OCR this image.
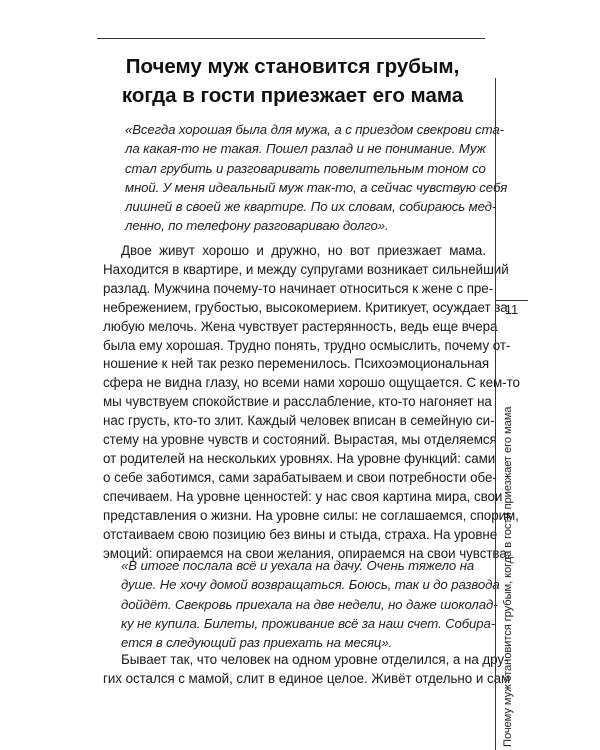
Почему муж становится грубым,
когда в гости приезжает его мама
«Всегда хорошая была для мужа, а с приездом свекрови ста-
ла какая-то не такая. Пошел разлад и не понимание. Муж
стал грубить и разговаривать повелительным тоном со
мной. У меня идеальный муж так-то, а сейчас чувствую себя
лишней в своей же квартире. По их словам, собираюсь мед-
ленно, по телефону разговариваю долго».
Двое живут хорошо и дружно, но вот приезжает мама.
Находится в квартире, и между супругами возникает сильнейший
разлад. Мужчина почему-то начинает относиться к жене с пре-
небрежением, грубостью, высокомерием. Критикует, осуждает за
любую мелочь. Жена чувствует растерянность, ведь еще вчера
была ему хорошая. Трудно понять, трудно осмыслить, почему от-
ношение к ней так резко переменилось. Психоэмоциональная
сфера не видна глазу, но всеми нами хорошо ощущается. С кем-то
мы чувствуем спокойствие и расслабление, кто-то нагоняет на
нас грусть, кто-то злит. Каждый человек вписан в семейную си-
стему на уровне чувств и состояний. Вырастая, мы отделяемся
от родителей на нескольких уровнях. На уровне функций: сами
о себе заботимся, сами зарабатываем и свои потребности обе-
спечиваем. На уровне ценностей: у нас своя картина мира, свои
представления о жизни. На уровне силы: не соглашаемся, спорим,
отстаиваем свою позицию без вины и стыда, страха. На уровне
эмоций: опираемся на свои желания, опираемся на свои чувства.
«В итоге послала всё и уехала на дачу. Очень тяжело на
душе. Не хочу домой возвращаться. Боюсь, так и до развода
дойдёт. Свекровь приехала на две недели, но даже шоколад-
ку не купила. Билеты, проживание всё за наш счет. Собира-
ется в следующий раз приехать на месяц».
Бывает так, что человек на одном уровне отделился, а на дру-
гих остался с мамой, слит в единое целое. Живёт отдельно и сам
11
Почему муж становится грубым, когда в гости приезжает его мама
